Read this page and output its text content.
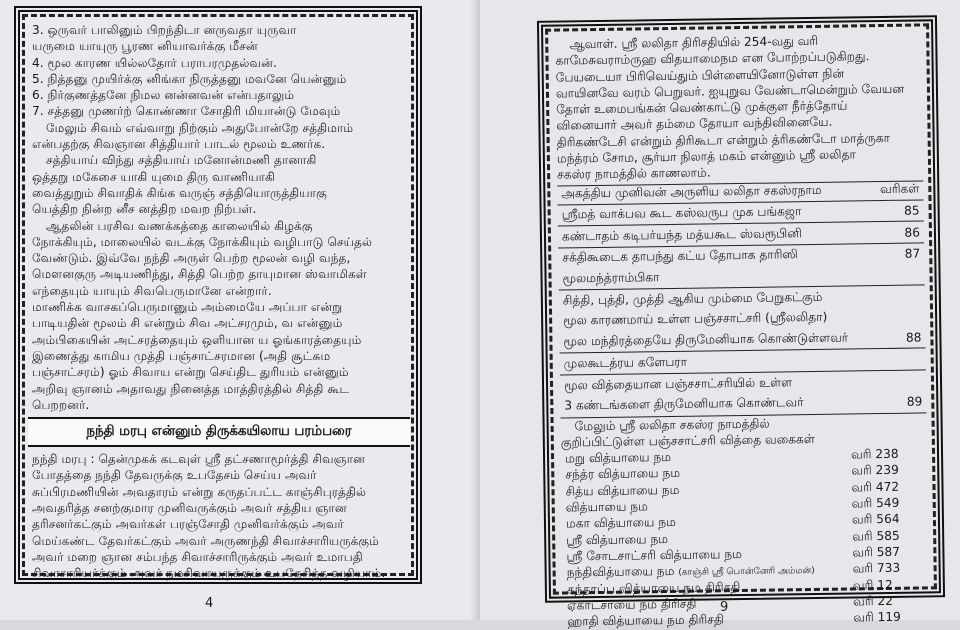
3. ஒருவர் பாலினும் பிறந்திடா னருவதா யுருவா
யருமை யாயுரு பூரண னியாவர்க்கு மீசன்
4. மூல காரண யில்லதோர் பராபரமுதல்வன்.
5. நித்தனு முயிர்க்கு னிங்கா நிருத்தனு மவனே யென்னும்
6. நிர்குணத்தனே நிமல னன்னவன் என்பதாலும்
7. சத்தனு முணர்ற் கொண்ணா சோதிரி மியான்டு மேவும்
மேலும் சிவம் எவ்வாறு நிற்கும் அதுபோன்றே சத்திமாம்
என்பதற்கு சிவஞான சித்தியார் பாடல் மூலம் உணர்க.
சத்தியாய் விந்து சத்தியாய் மனோன்மணி தானாகி
ஒத்தறு மகேசை யாகி யுமை திரு வாணியாகி
வைத்துறும் சிவாதிக் கிங்க வருஞ் சத்தியொருத்தியாகு
யெத்திற நின்ற னீச னத்திற மவற நிற்பள்.
ஆதலின் பரசிவ வணக்கத்தை காலையில் கிழக்கு
நோக்கியும், மாலையில் வடக்கு நோக்கியும் வழிபாடு செய்தல்
வேண்டும். இவ்வே நந்தி அருள் பெற்ற மூலன் வழி வந்த,
மௌனகுரு அடியணிந்து, சித்தி பெற்ற தாயுமான ஸ்வாமிகள்
எந்தையும் யாயும் சிவபெருமானே என்றார்.
மாணிக்க வாசகப்பெருமானும் அம்மையே அப்பா என்று
பாடியதின் மூலம் சி என்றும் சிவ அட்சரமும், வ என்னும்
அம்பிகையின் அட்சரத்தையும் ஒளியான ய ஓங்காரத்தையும்
இணைத்து காமிய முத்தி பஞ்சாட்சரமான (அதி சூட்சும
பஞ்சாட்சரம்) ஓம் சிவாய என்று செய்திட துரியம் என்னும்
அறிவு ஞானம் அதாவது நினைத்த மாத்திரத்தில் சித்தி கூட
பெறறனர்.
நந்தி மரபு என்னும் திருக்கயிலாய பரம்பரை
நந்தி மரபு : தென்முகக் கடவுள் ஸ்ரீ தட்சணாமூர்த்தி சிவஞான
போதத்தை நந்தி தேவருக்கு உபதேசம் செய்ய அவர்
சுப்பிரமணியின் அவதாரம் என்று கருதப்பட்ட காஞ்சிபுரத்தில்
அவதரித்த சனற்குமார முனிவருக்கும் அவர் சத்திய ஞான
தரிசனர்கட்கும் அவர்கள் பரஞ்சோதி முனிவர்க்கும் அவர்
மெய்கண்ட தேவர்கட்கும் அவர் அருணந்தி சிவாச்சாரியருக்கும்
அவர் மறை ஞான சம்பந்த சிவாச்சாரிருக்கும் அவர் உமாபதி
சிவாசாரியர்க்கும் அவர் நமசிவாயருக்கும் உபதேசித்த வழியாம்.
4	9
ஆவாள். ஸ்ரீ லலிதா திரிசதியில் 254-வது வரி
காமேசுவராம்ருஹ விதயாமைநம என போற்றப்படுகிறது.
பேயடையா பிரிவெய்தும் பிள்ளையினோடுள்ள நின்
வாயினவே வரம் பெறுவர். ஐயுறுவ வேண்டாமென்றும் வேயன
தோள் உமைபங்கன் வெண்காட்டு முக்குள நீர்த்தோய்
வினையார் அவர் தம்மை தோயா வந்திவினையே.
திரிகண்டேசி என்றும் திரிகூடா என்றும் த்ரிகண்டோ மாத்ருகா
மந்த்ரம் சோம, சூர்யா நிலாத் மகம் என்னும் ஸ்ரீ லலிதா
சகஸ்ர நாமத்தில் காணலாம்.
அகத்திய முனிவன் அருளிய லலிதா சகஸ்ரநாம	வரிகள்
ஸ்ரீமத் வாக்பவ கூட கஸ்வருப முக பங்கஜா	85
கண்டாதம் கடிபர்யந்த மத்யகூட ஸ்வரூபினி	86
சக்திகூடைக தாபந்து கட்ய தோபாக தாரிஸி	87
மூலமந்த்ராம்பிகா
சித்தி, புத்தி, முத்தி ஆகிய மும்மை பேறுகட்கும்
மூல காரணமாய் உள்ள பஞ்சசாட்சரி (ஸ்ரீலலிதா)
மூல மந்திரத்தையே திருமேனியாக கொண்டுள்ளவர்	88
முலகூடத்ரய களேபரா
மூல வித்தையான பஞ்சசாட்சரியில் உள்ள
3 கண்டங்களை திருமேனியாக கொண்டவர்	89
மேலும் ஸ்ரீ லலிதா சகஸ்ர நாமத்தில்
குறிப்பிட்டுள்ள பஞ்சசாட்சரி வித்தை வகைகள்
மறு வித்யாயை நம	வரி 238
சந்த்ர வித்யாயை நம	வரி 239
சித்ய வித்யாயை நம	வரி 472
வித்யாயை நம	வரி 549
மகா வித்யாயை நம	வரி 564
ஸ்ரீ வித்யாயை நம	வரி 585
ஸ்ரீ சோடசாட்சரி வித்யாயை நம	வரி 587
நந்திவித்யாயை நம (காஞ்சி ஸ்ரீ பொன்னேரி அம்மன்)	வரி 733
கந்தாப்ப வித்யாயை நம திரிசதி	வரி 12
ஏகாட்சர்யை நம திரிசதி	வரி 22
ஹாதி வித்யாயை நம திரிசதி	வரி 119
